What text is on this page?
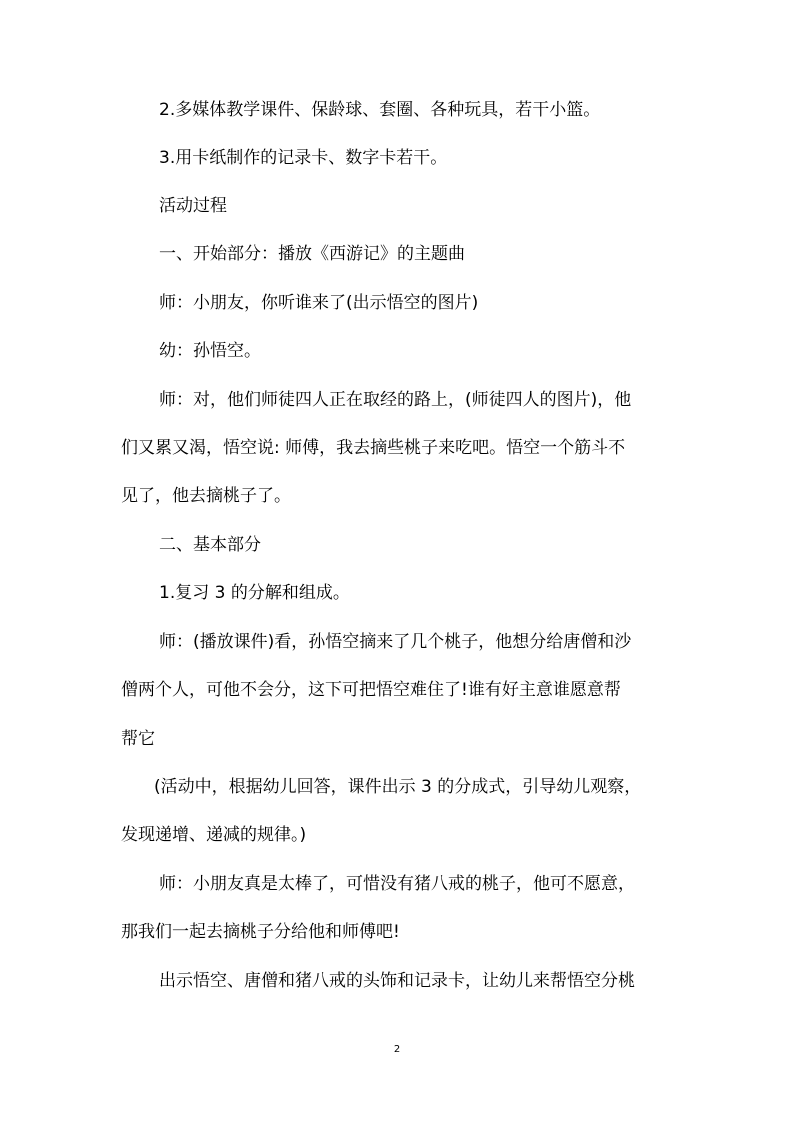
2.多媒体教学课件、保龄球、套圈、各种玩具，若干小篮。
3.用卡纸制作的记录卡、数字卡若干。
活动过程
一、开始部分：播放《西游记》的主题曲
师：小朋友，你听谁来了(出示悟空的图片)
幼：孙悟空。
师：对，他们师徒四人正在取经的路上，(师徒四人的图片)，他
们又累又渴，悟空说: 师傅，我去摘些桃子来吃吧。悟空一个筋斗不
见了，他去摘桃子了。
二、基本部分
1.复习 3 的分解和组成。
师：(播放课件)看，孙悟空摘来了几个桃子，他想分给唐僧和沙
僧两个人，可他不会分，这下可把悟空难住了!谁有好主意谁愿意帮
帮它
(活动中，根据幼儿回答，课件出示 3 的分成式，引导幼儿观察，
发现递增、递减的规律。)
师：小朋友真是太棒了，可惜没有猪八戒的桃子，他可不愿意，
那我们一起去摘桃子分给他和师傅吧!
出示悟空、唐僧和猪八戒的头饰和记录卡，让幼儿来帮悟空分桃
2
